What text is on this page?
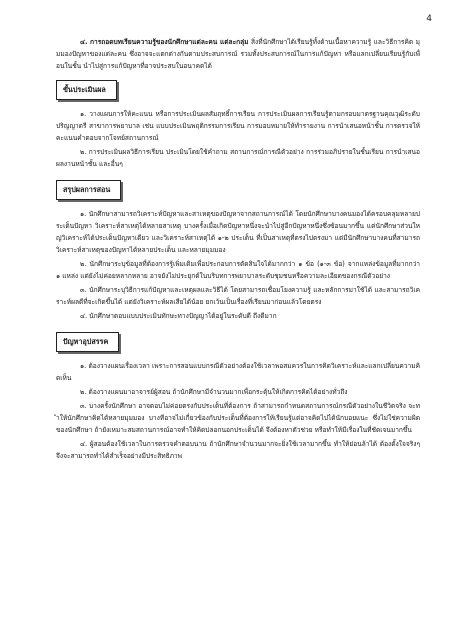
4

๔. การถอดบทเรียนความรู้ของนักศึกษาแต่ละคน แต่ละกลุ่ม สิ่งที่นักศึกษาได้เรียนรู้ทั้งด้านเนื้อหาความรู้ และวิธีการคิด มุมมองปัญหาของแต่ละคน ซึ่งอาจจะแตกต่างกันตามประสบการณ์ รวมทั้งประสบการณ์ในการแก้ปัญหา หรือแลกเปลี่ยนเรียนรู้กับเพื่อนในชั้น นำไปสู่การแก้ปัญหาที่อาจประสบในอนาคตได้

ขั้นประเมินผล

๑. วางแผนการให้คะแนน หรือการประเมินผลสัมฤทธิ์การเรียน การประเมินผลการเรียนรู้ตามกรอบมาตรฐานคุณวุฒิระดับปริญญาตรี สาขาการพยาบาล เช่น แบบประเมินพฤติกรรมการเรียน การมอบหมายให้ทำรายงาน การนำเสนอหน้าชั้น การตรวจให้คะแนนคำตอบจากโจทย์สถานการณ์

๒. การประเมินผลวิธีการเรียน ประเมินโดยใช้คำถาม สถานการณ์การณีตัวอย่าง การร่วมอภิปรายในชั้นเรียน การนำเสนอผลงานหน้าชั้น และอื่นๆ

สรุปผลการสอน

๑. นักศึกษาสามารถวิเคราะห์ปัญหาและสาเหตุของปัญหาจากสถานการณ์ได้ โดยนักศึกษาบางคนมองได้ครอบคลุมหลายประเด็นปัญหา วิเคราะห์สาเหตุได้หลายสาเหตุ บางครั้งเมื่อเกิดปัญหาหนึ่งจะนำไปสู่อีกปัญหาหนึ่งซึ่งซ้อนมากขึ้น แต่นักศึกษาส่วนใหญ่วิเคราะห์ได้ประเด็นปัญหาเดียว และวิเคราะห์สาเหตุได้ ๑-๒ ประเด็น ที่เป็นสาเหตุที่ตรงไปตรงมา แต่มีนักศึกษาบางคนที่สามารถวิเคราะห์สาเหตุของปัญหาได้หลายประเด็น และหลายมุมมอง

๒. นักศึกษาระบุข้อมูลที่ต้องการรู้เพิ่มเติมเพื่อประกอบการตัดสินใจได้มากกว่า ๑ ข้อ (๑-๓ ข้อ) จากแหล่งข้อมูลที่มากกว่า ๑ แหล่ง แต่ยังไม่ค่อยหลากหลาย อาจยังไม่ประยุกต์ในบริบทการพยาบาลระดับชุมชนหรือความละเอียดของกรณีตัวอย่าง

๓. นักศึกษาระบุวิธีการแก้ปัญหาและเหตุผลและวิธีได้ โดยสามารถเชื่อมโยงความรู้ และหลักการมาใช้ได้ และสามารถวิเคราะห์ผลดีที่จะเกิดขึ้นได้ แต่ยังวิเคราะห์ผลเสียได้น้อย ยกเว้นเป็นเรื่องที่เรียนมาก่อนแล้วโดยตรง

๔. นักศึกษาตอบแบบประเมินทักษะทางปัญญาได้อยู่ในระดับดี ถึงดีมาก

ปัญหาอุปสรรค

๑. ต้องวางแผนเรื่องเวลา เพราะการสอนแบบกรณีตัวอย่างต้องใช้เวลาพอสมควรในการคิดวิเคราะห์และแลกเปลี่ยนความคิดเห็น

๒. ต้องวางแผนมาอาจารย์ผู้สอน ถ้านักศึกษามีจำนวนมากเพื่อกระตุ้นให้เกิดการคิดได้อย่างทั่วถึง

๓. บางครั้งนักศึกษา อาจตอบไม่ค่อยตรงกับประเด็นที่ต้องการ ถ้าสามารถกำหนดสถานการณ์กรณีตัวอย่างในชีวิตจริง จะทำให้นักศึกษาคิดได้หลายมุมมอง บางทีอาจไม่เกี่ยวข้องกับประเด็นที่ต้องการให้เรียนรู้แต่อาจคิดไปได้นักบอยแนะ ซึ่งไม่ใช่ความผิดของนักศึกษา ถ้ายังเหมาะสมสถานการณ์อาจทำให้คิดปลอกนอกประเด็นได้ จึงต้องหาตัวช่วย หรือทำให้มีเรื่องในที่ชัดเจนมากขึ้น

๔. ผู้สอนต้องใช้เวลาในการตรวจคำตอบนาน ถ้านักศึกษาจำนวนมากจะยิ่งใช้เวลามากขึ้น ทำให้ย่อนล้าได้ ต้องตั้งใจจริงๆจึงจะสามารถทำได้สำเร็จอย่างมีประสิทธิภาพ
